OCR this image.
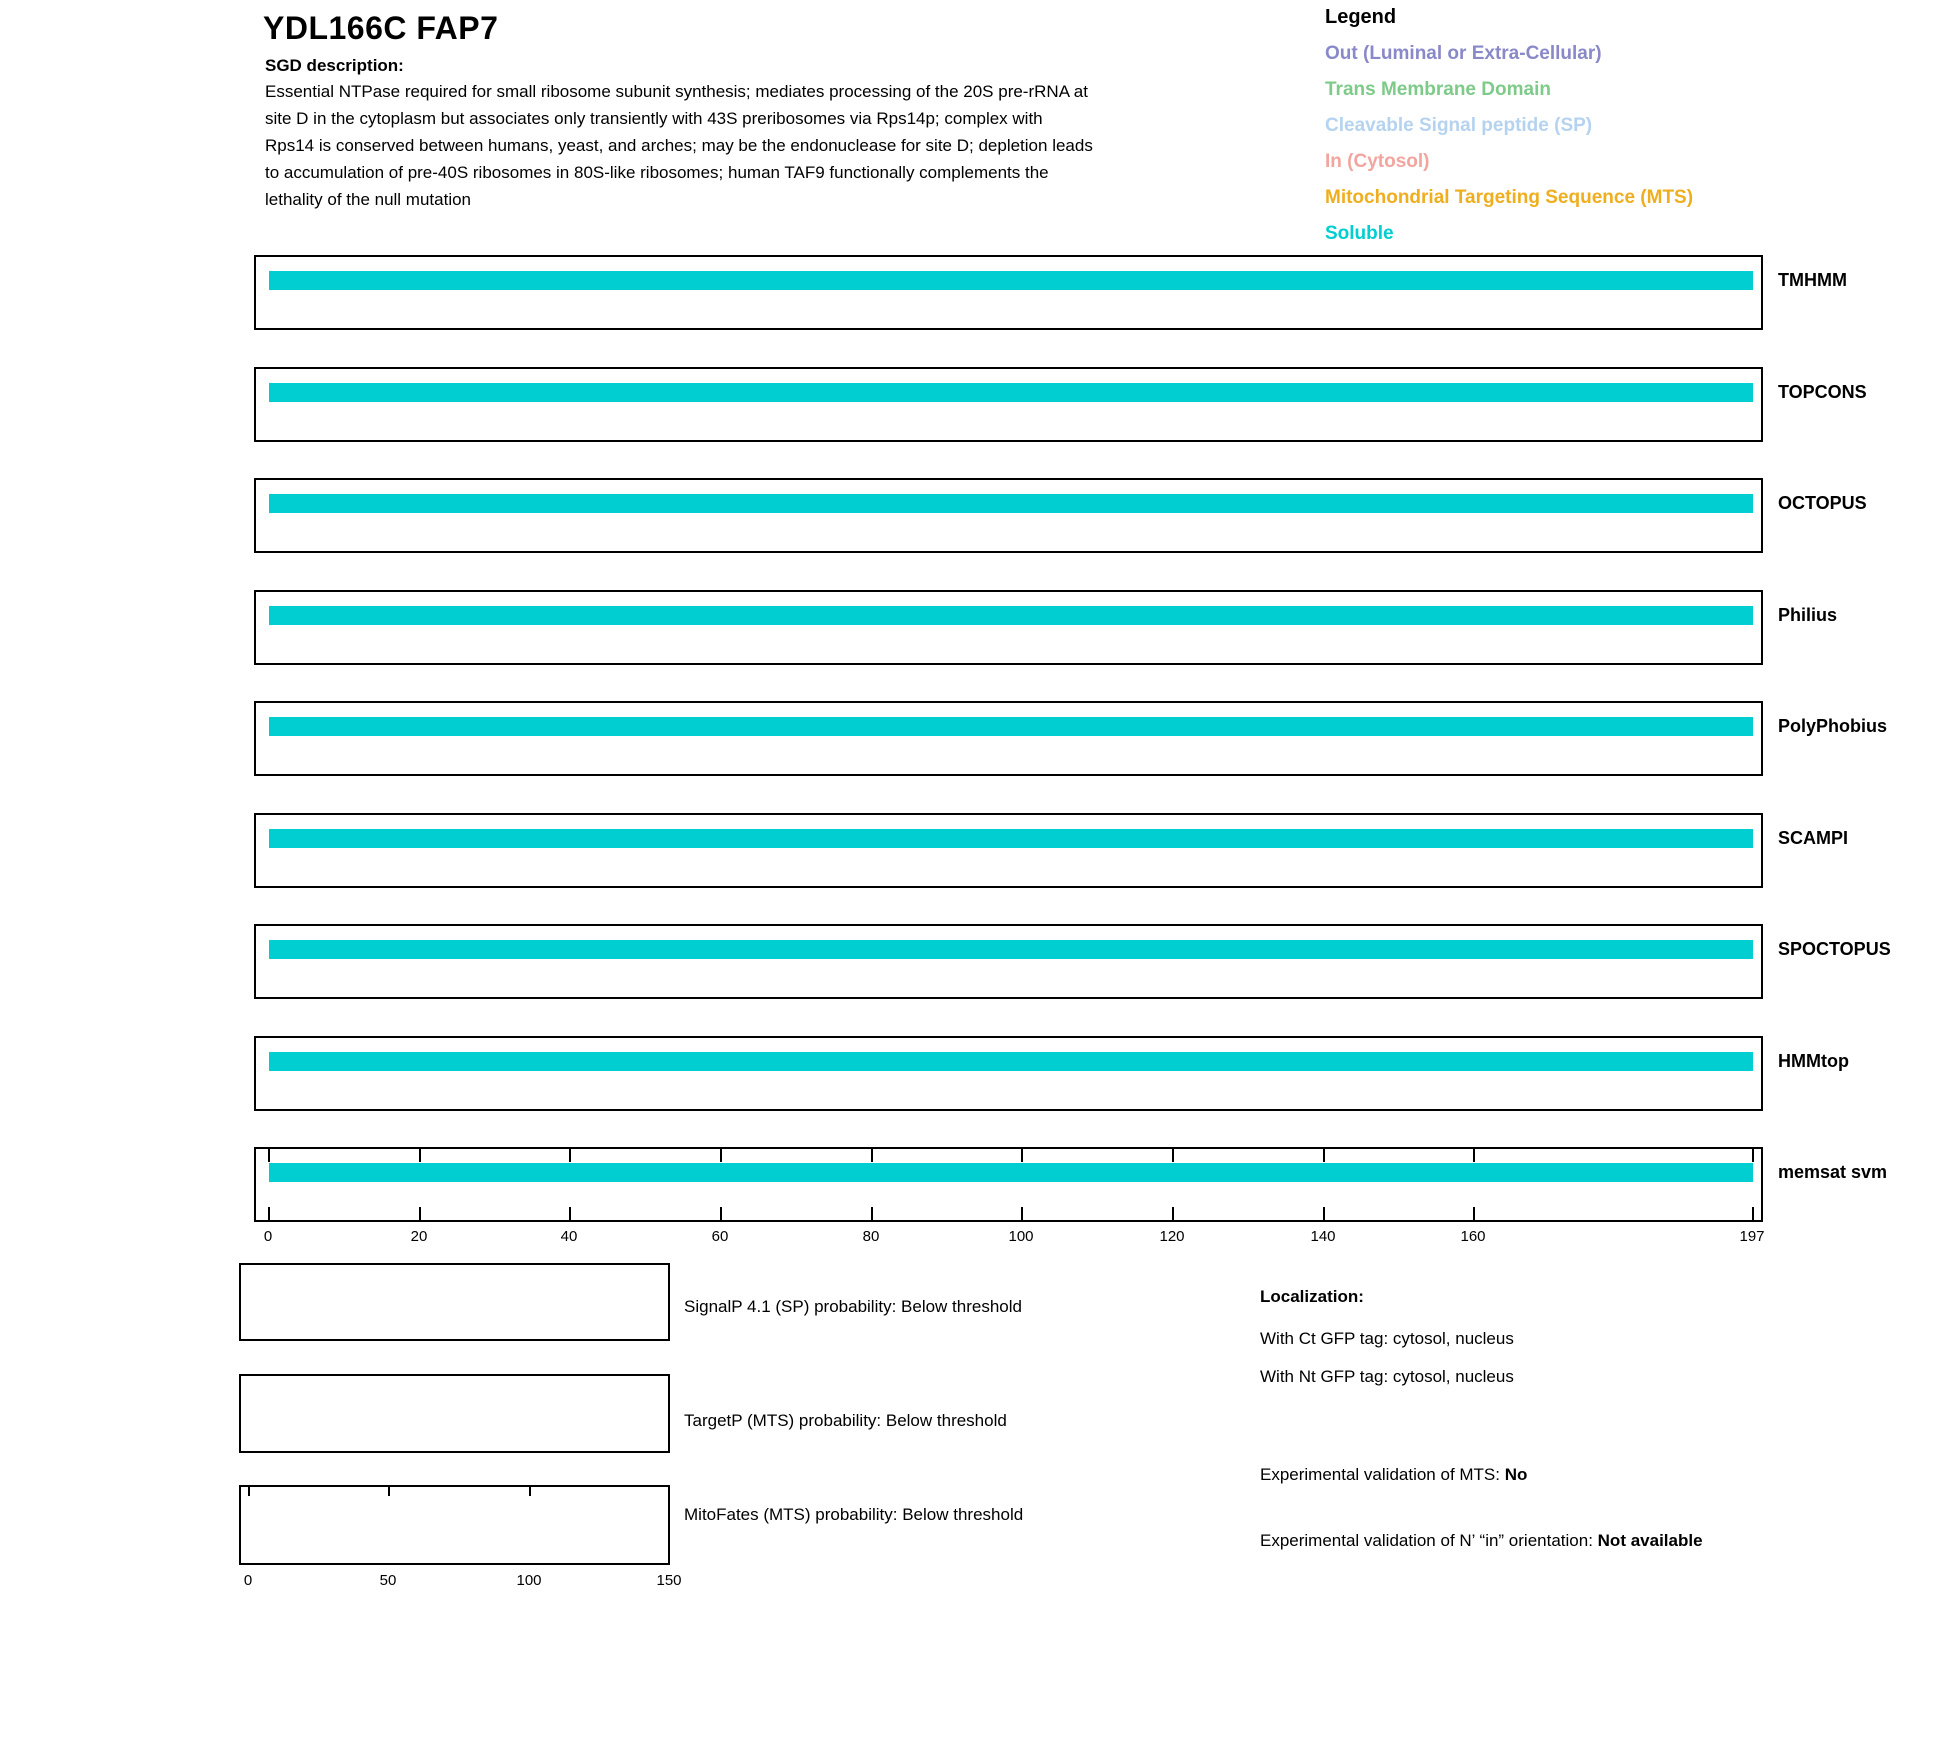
YDL166C FAP7
SGD description:
Essential NTPase required for small ribosome subunit synthesis; mediates processing of the 20S pre-rRNA at
site D in the cytoplasm but associates only transiently with 43S preribosomes via Rps14p; complex with
Rps14 is conserved between humans, yeast, and arches; may be the endonuclease for site D; depletion leads
to accumulation of pre-40S ribosomes in 80S-like ribosomes; human TAF9 functionally complements the
lethality of the null mutation
Legend
Out (Luminal or Extra-Cellular)
Trans Membrane Domain
Cleavable Signal peptide (SP)
In (Cytosol)
Mitochondrial Targeting Sequence (MTS)
Soluble
TMHMM
TOPCONS
OCTOPUS
Philius
PolyPhobius
SCAMPI
SPOCTOPUS
HMMtop
memsat svm
0	20	40	60	80	100	120	140	160	197
SignalP 4.1 (SP) probability: Below threshold
TargetP (MTS) probability: Below threshold
MitoFates (MTS) probability: Below threshold
0	50	100	150
Localization:
With Ct GFP tag: cytosol, nucleus
With Nt GFP tag: cytosol, nucleus
Experimental validation of MTS: No
Experimental validation of N’ “in” orientation: Not available
